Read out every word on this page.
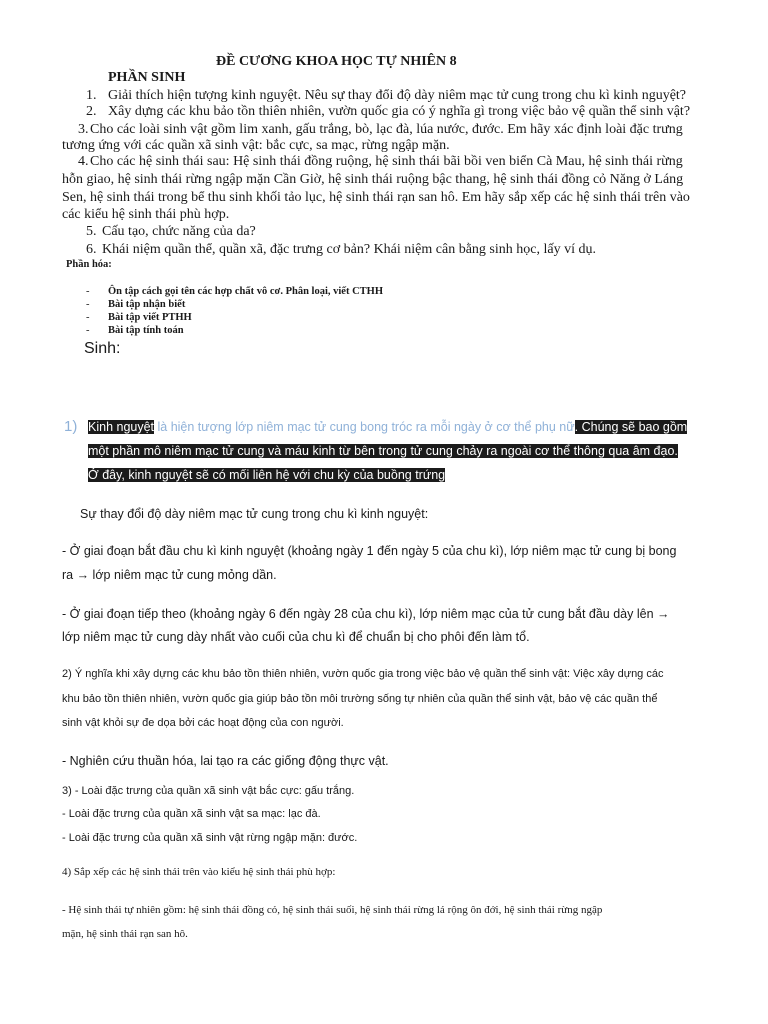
ĐỀ CƯƠNG KHOA HỌC TỰ NHIÊN 8
PHẦN SINH
1. Giải thích hiện tượng kinh nguyệt. Nêu sự thay đổi độ dày niêm mạc tử cung trong chu kì kinh nguyệt?
2. Xây dựng các khu bảo tồn thiên nhiên, vườn quốc gia có ý nghĩa gì trong việc bảo vệ quần thể sinh vật?
3. Cho các loài sinh vật gồm lim xanh, gấu trắng, bò, lạc đà, lúa nước, đước. Em hãy xác định loài đặc trưng
tương ứng với các quần xã sinh vật: bắc cực, sa mạc, rừng ngập mặn.
4. Cho các hệ sinh thái sau: Hệ sinh thái đồng ruộng, hệ sinh thái bãi bồi ven biển Cà Mau, hệ sinh thái rừng
hỗn giao, hệ sinh thái rừng ngập mặn Cần Giờ, hệ sinh thái ruộng bậc thang, hệ sinh thái đồng cỏ Năng ở Láng
Sen, hệ sinh thái trong bể thu sinh khối tảo lục, hệ sinh thái rạn san hô. Em hãy sắp xếp các hệ sinh thái trên vào
các kiểu hệ sinh thái phù hợp.
5. Cấu tạo, chức năng của da?
6. Khái niệm quần thể, quần xã, đặc trưng cơ bản? Khái niệm cân bằng sinh học, lấy ví dụ.
Phần hóa:
- Ôn tập cách gọi tên các hợp chất vô cơ. Phân loại, viết CTHH
- Bài tập nhận biết
- Bài tập viết PTHH
- Bài tập tính toán
Sinh:
1) Kinh nguyệt là hiện tượng lớp niêm mạc tử cung bong tróc ra mỗi ngày ở cơ thể phụ nữ. Chúng sẽ bao gồm
một phần mô niêm mạc tử cung và máu kinh từ bên trong tử cung chảy ra ngoài cơ thể thông qua âm đạo.
Ở đây, kinh nguyệt sẽ có mối liên hệ với chu kỳ của buồng trứng
Sự thay đổi độ dày niêm mạc tử cung trong chu kì kinh nguyệt:
- Ở giai đoạn bắt đầu chu kì kinh nguyệt (khoảng ngày 1 đến ngày 5 của chu kì), lớp niêm mạc tử cung bị bong
ra → lớp niêm mạc tử cung mỏng dần.
- Ở giai đoạn tiếp theo (khoảng ngày 6 đến ngày 28 của chu kì), lớp niêm mạc của tử cung bắt đầu dày lên →
lớp niêm mạc tử cung dày nhất vào cuối của chu kì để chuẩn bị cho phôi đến làm tổ.
2) Ý nghĩa khi xây dựng các khu bảo tồn thiên nhiên, vườn quốc gia trong việc bảo vệ quần thể sinh vật: Việc xây dựng các
khu bảo tồn thiên nhiên, vườn quốc gia giúp bảo tồn môi trường sống tự nhiên của quần thể sinh vật, bảo vệ các quần thể
sinh vật khỏi sự đe dọa bởi các hoạt động của con người.
- Nghiên cứu thuần hóa, lai tạo ra các giống động thực vật.
3) - Loài đặc trưng của quần xã sinh vật bắc cực: gấu trắng.
- Loài đặc trưng của quần xã sinh vật sa mạc: lạc đà.
- Loài đặc trưng của quần xã sinh vật rừng ngập mặn: đước.
4) Sắp xếp các hệ sinh thái trên vào kiểu hệ sinh thái phù hợp:
- Hệ sinh thái tự nhiên gồm: hệ sinh thái đồng cỏ, hệ sinh thái suối, hệ sinh thái rừng lá rộng ôn đới, hệ sinh thái rừng ngập
mặn, hệ sinh thái rạn san hô.
